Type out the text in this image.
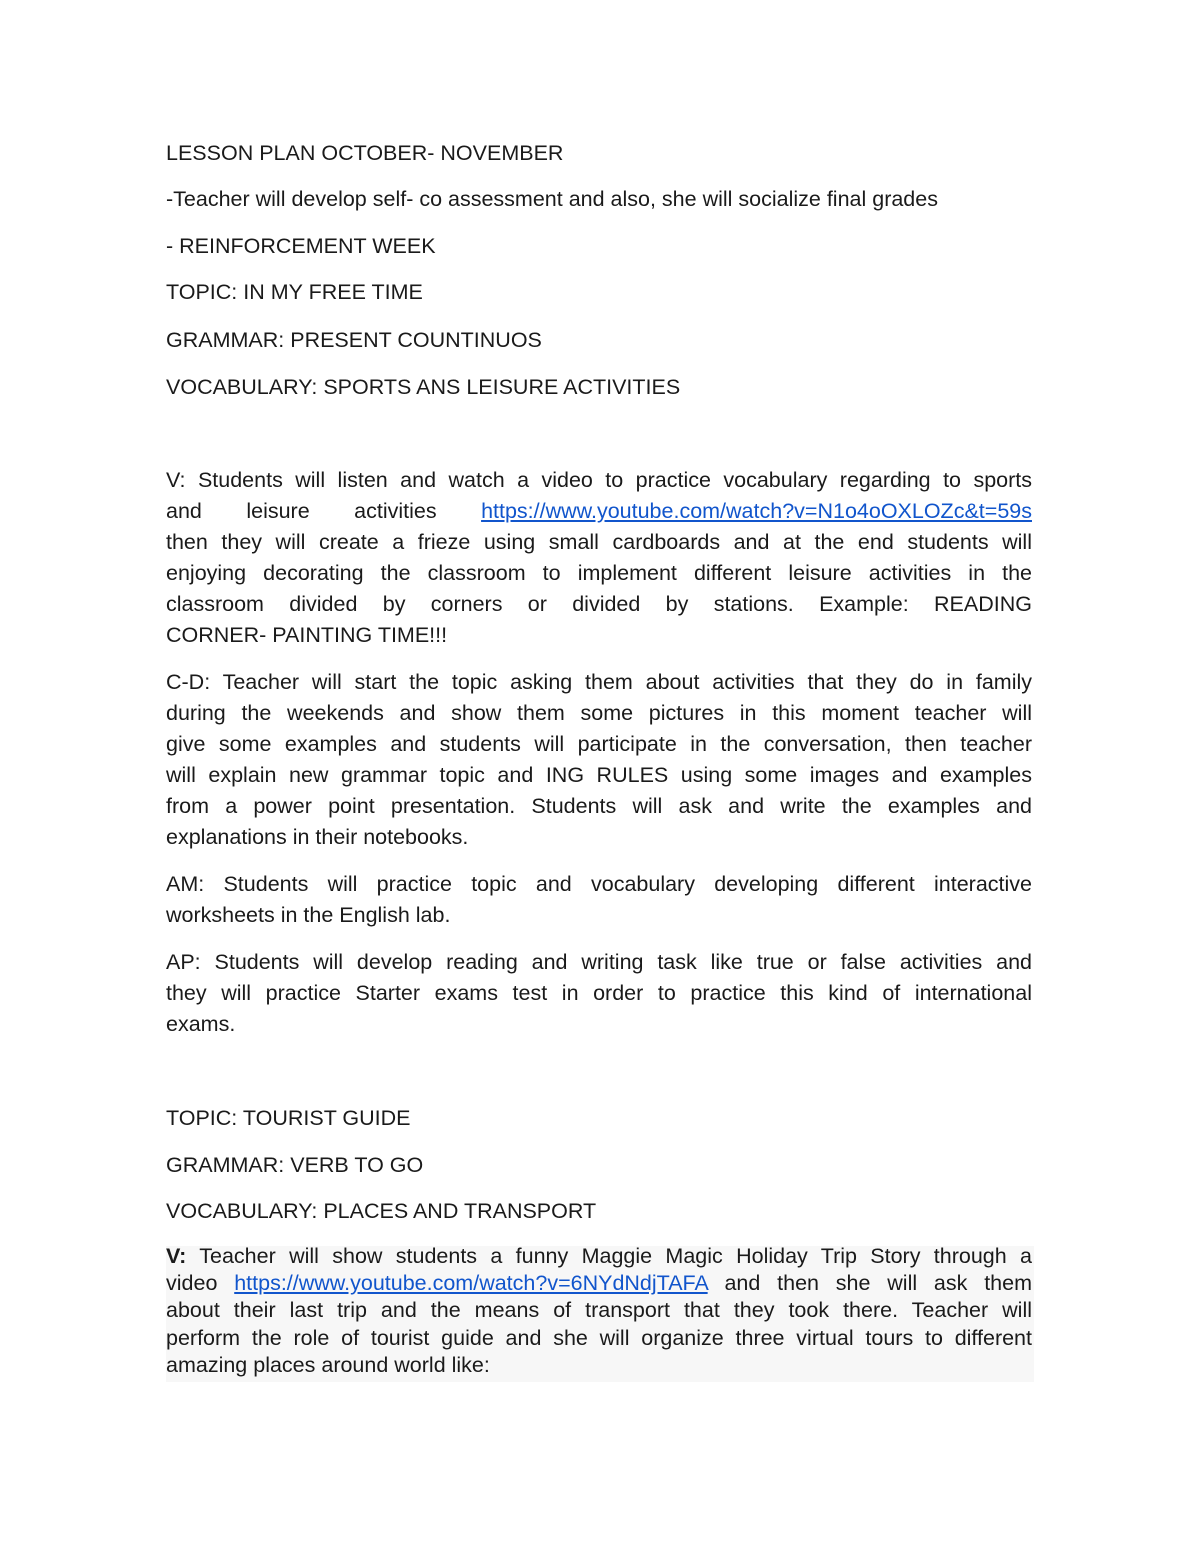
LESSON PLAN OCTOBER- NOVEMBER

-Teacher will develop self- co assessment and also, she will socialize final grades

- REINFORCEMENT WEEK

TOPIC: IN MY FREE TIME

GRAMMAR: PRESENT COUNTINUOS

VOCABULARY: SPORTS ANS LEISURE ACTIVITIES

V: Students will listen and watch a video to practice vocabulary regarding to sports
and leisure activities https://www.youtube.com/watch?v=N1o4oOXLOZc&t=59s
then they will create a frieze using small cardboards and at the end students will
enjoying decorating the classroom to implement different leisure activities in the
classroom divided by corners or divided by stations. Example: READING
CORNER- PAINTING TIME!!!
C-D: Teacher will start the topic asking them about activities that they do in family
during the weekends and show them some pictures in this moment teacher will
give some examples and students will participate in the conversation, then teacher
will explain new grammar topic and ING RULES using some images and examples
from a power point presentation. Students will ask and write the examples and
explanations in their notebooks.
AM: Students will practice topic and vocabulary developing different interactive
worksheets in the English lab.
AP: Students will develop reading and writing task like true or false activities and
they will practice Starter exams test in order to practice this kind of international
exams.

TOPIC: TOURIST GUIDE

GRAMMAR: VERB TO GO

VOCABULARY: PLACES AND TRANSPORT

V: Teacher will show students a funny Maggie Magic Holiday Trip Story through a
video https://www.youtube.com/watch?v=6NYdNdjTAFA and then she will ask them
about their last trip and the means of transport that they took there. Teacher will
perform the role of tourist guide and she will organize three virtual tours to different
amazing places around world like:
